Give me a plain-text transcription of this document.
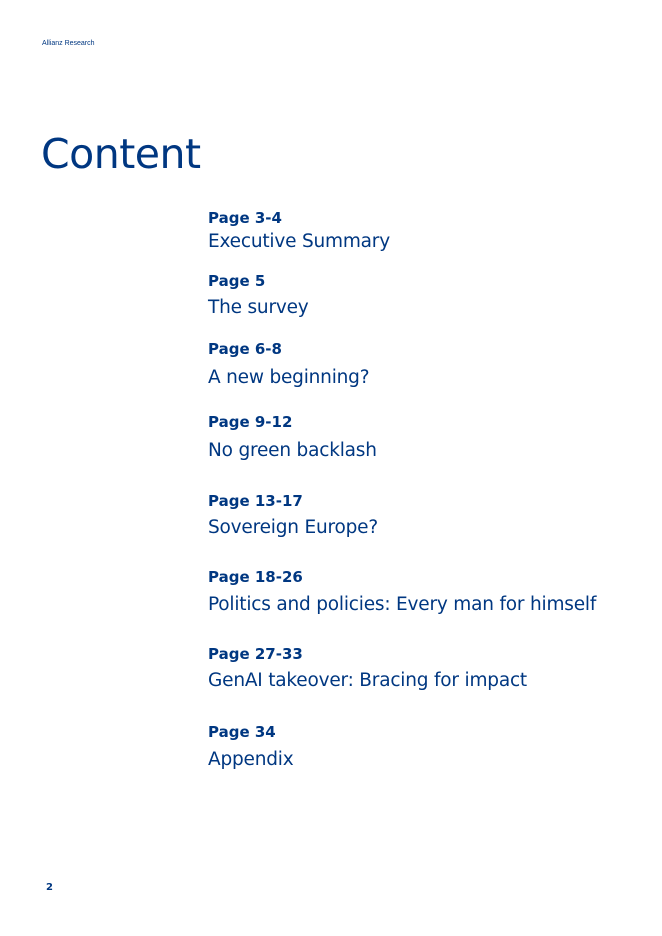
Allianz Research
Content
Page 3-4
Executive Summary
Page 5
The survey
Page 6-8
A new beginning?
Page 9-12
No green backlash
Page 13-17
Sovereign Europe?
Page 18-26
Politics and policies: Every man for himself
Page 27-33
GenAI takeover: Bracing for impact
Page 34
Appendix
2
